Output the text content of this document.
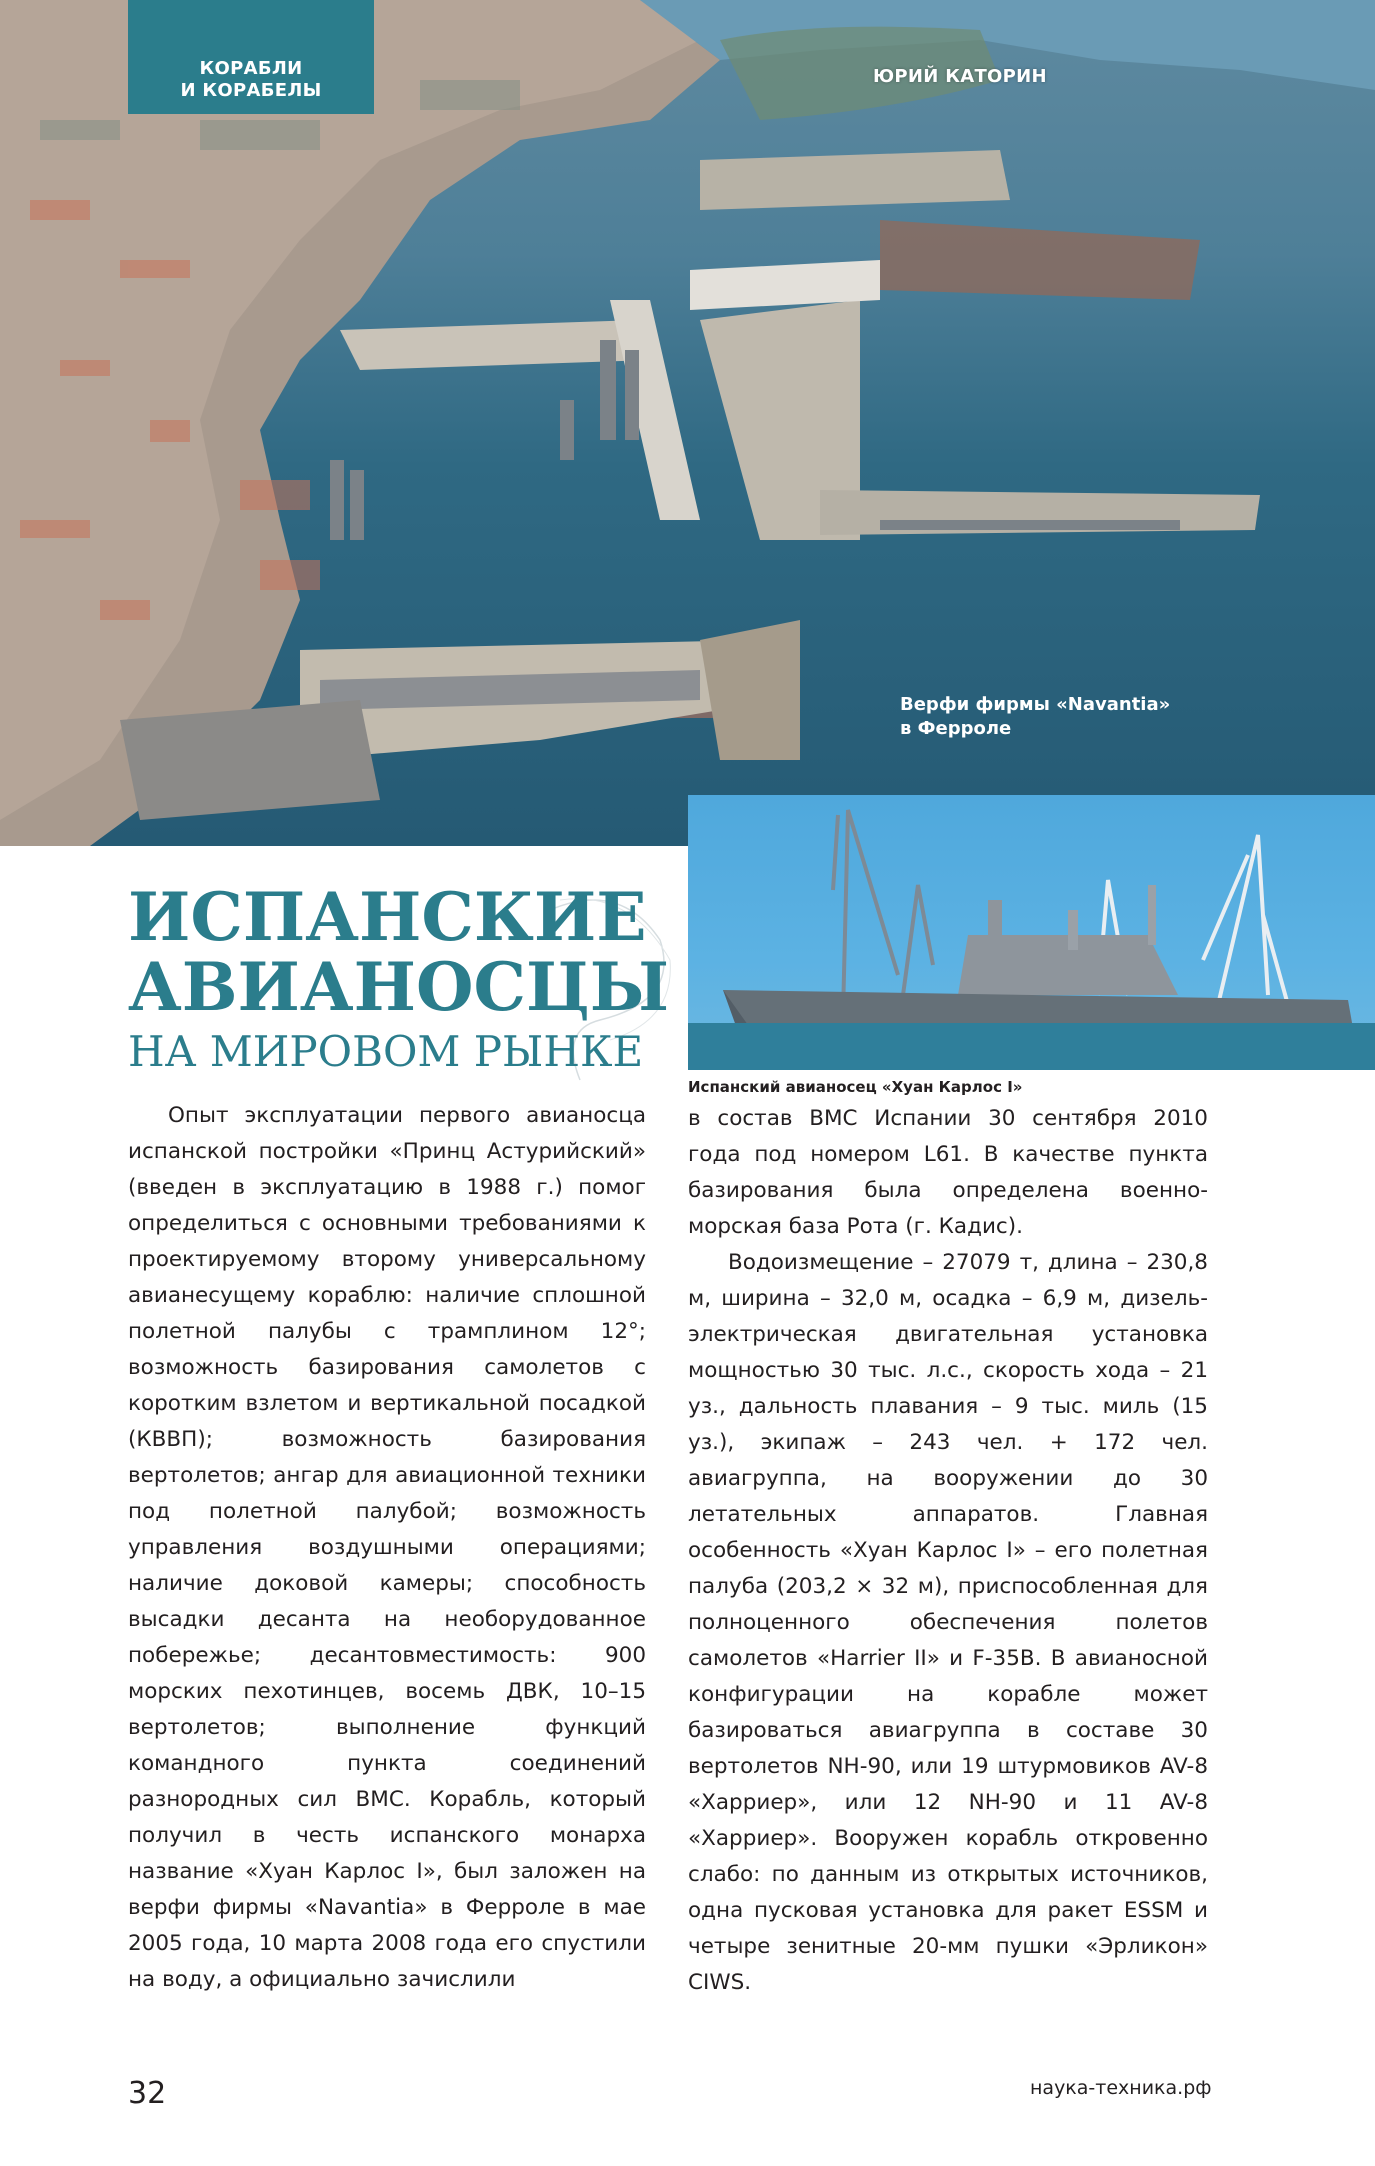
КОРАБЛИ
И КОРАБЕЛЫ
ЮРИЙ КАТОРИН
Верфи фирмы «Navantia»
в Ферроле
Испанский авианосец «Хуан Карлос I»
ИСПАНСКИЕ
АВИАНОСЦЫ
НА МИРОВОМ РЫНКЕ

Опыт эксплуатации первого авианосца испанской постройки «Принц Астурийский» (введен в эксплуатацию в 1988 г.) помог определиться с основными требованиями к проектируемому второму универсальному авианесущему кораблю: наличие сплошной полетной палубы с трамплином 12°; возможность базирования самолетов с коротким взлетом и вертикальной посадкой (КВВП); возможность базирования вертолетов; ангар для авиационной техники под полетной палубой; возможность управления воздушными операциями; наличие доковой камеры; способность высадки десанта на необорудованное побережье; десантовместимость: 900 морских пехотинцев, восемь ДВК, 10–15 вертолетов; выполнение функций командного пункта соединений разнородных сил ВМС. Корабль, который получил в честь испанского монарха название «Хуан Карлос I», был заложен на верфи фирмы «Navantia» в Ферроле в мае 2005 года, 10 марта 2008 года его спустили на воду, а официально зачислили

в состав ВМС Испании 30 сентября 2010 года под номером L61. В качестве пункта базирования была определена военно-морская база Рота (г. Кадис).

Водоизмещение – 27079 т, длина – 230,8 м, ширина – 32,0 м, осадка – 6,9 м, дизель-электрическая двигательная установка мощностью 30 тыс. л.с., скорость хода – 21 уз., дальность плавания – 9 тыс. миль (15 уз.), экипаж – 243 чел. + 172 чел. авиагруппа, на вооружении до 30 летательных аппаратов. Главная особенность «Хуан Карлос I» – его полетная палуба (203,2 × 32 м), приспособленная для полноценного обеспечения полетов самолетов «Harrier II» и F-35B. В авианосной конфигурации на корабле может базироваться авиагруппа в составе 30 вертолетов NH-90, или 19 штурмовиков AV-8 «Харриер», или 12 NH-90 и 11 AV-8 «Харриер». Вооружен корабль откровенно слабо: по данным из открытых источников, одна пусковая установка для ракет ESSM и четыре зенитные 20-мм пушки «Эрликон» CIWS.

32	наука-техника.рф
